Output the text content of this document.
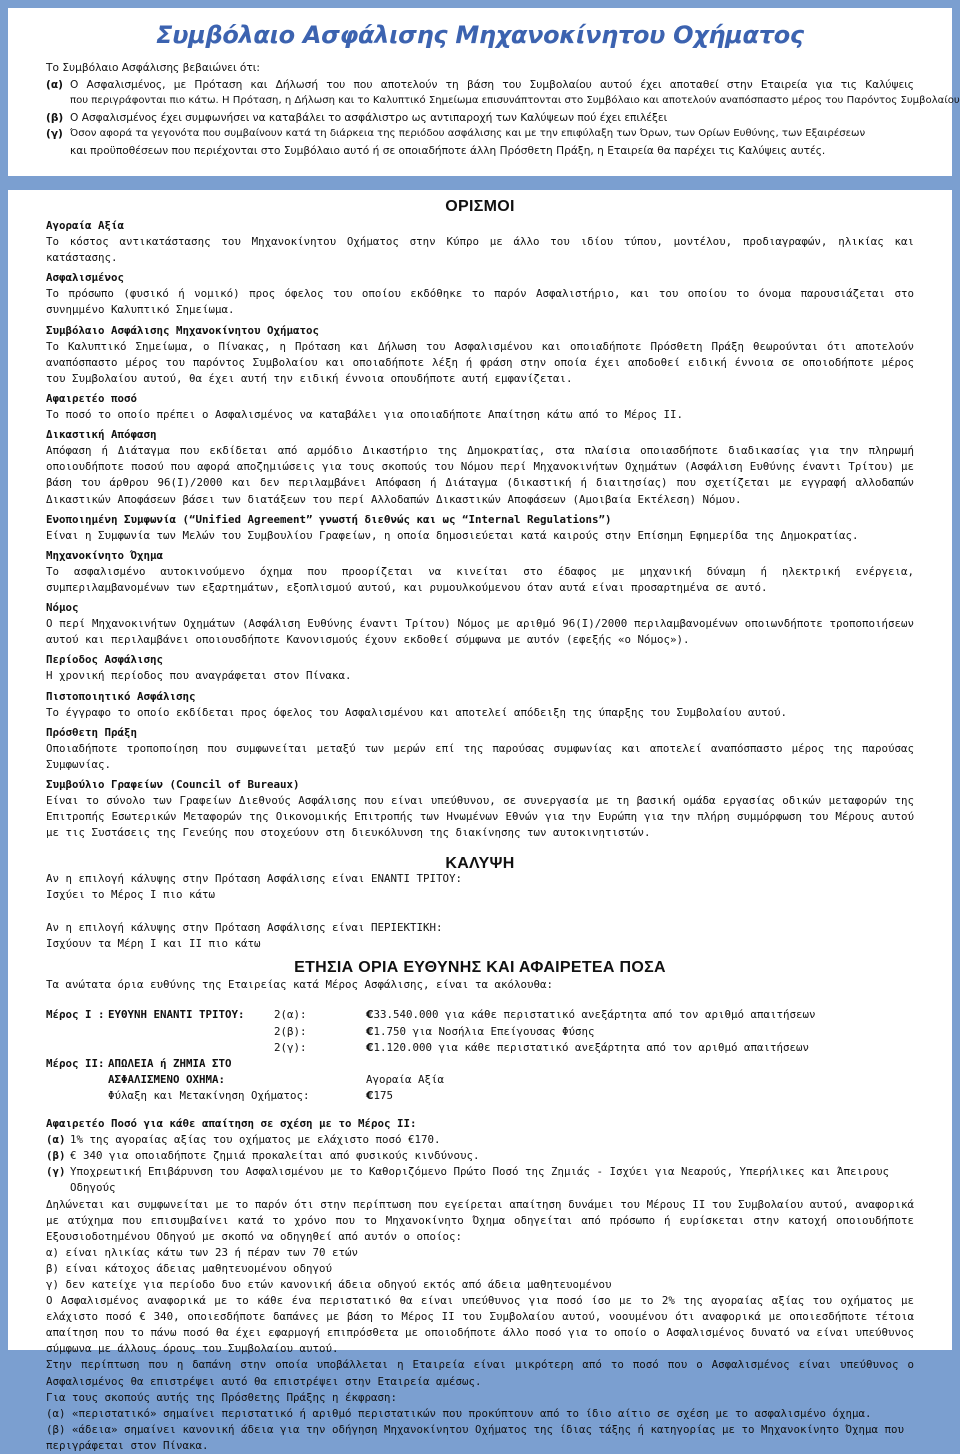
Συμβόλαιο Ασφάλισης Μηχανοκίνητου Οχήματος
Το Συμβόλαιο Ασφάλισης βεβαιώνει ότι:
(α) Ο Ασφαλισμένος, με Πρόταση και Δήλωσή του που αποτελούν τη βάση του Συμβολαίου αυτού έχει αποταθεί στην Εταιρεία για τις Καλύψεις
που περιγράφονται πιο κάτω. Η Πρόταση, η Δήλωση και το Καλυπτικό Σημείωμα επισυνάπτονται στο Συμβόλαιο και αποτελούν αναπόσπαστο μέρος του Παρόντος Συμβολαίου
(β) Ο Ασφαλισμένος έχει συμφωνήσει να καταβάλει το ασφάλιστρο ως αντιπαροχή των Καλύψεων πού έχει επιλέξει
(γ) Όσον αφορά τα γεγονότα που συμβαίνουν κατά τη διάρκεια της περιόδου ασφάλισης και με την επιφύλαξη των Όρων, των Ορίων Ευθύνης, των Εξαιρέσεων
και προϋποθέσεων που περιέχονται στο Συμβόλαιο αυτό ή σε οποιαδήποτε άλλη Πρόσθετη Πράξη, η Εταιρεία θα παρέχει τις Καλύψεις αυτές.
ΟΡΙΣΜΟΙ
Αγοραία Αξία
Το κόστος αντικατάστασης του Μηχανοκίνητου Οχήματος στην Κύπρο με άλλο του ιδίου τύπου, μοντέλου, προδιαγραφών, ηλικίας και κατάστασης.
Ασφαλισμένος
Το πρόσωπο (φυσικό ή νομικό) προς όφελος του οποίου εκδόθηκε το παρόν Ασφαλιστήριο, και του οποίου το όνομα παρουσιάζεται στο συνημμένο Καλυπτικό Σημείωμα.
Συμβόλαιο Ασφάλισης Μηχανοκίνητου Οχήματος
Το Καλυπτικό Σημείωμα, ο Πίνακας, η Πρόταση και Δήλωση του Ασφαλισμένου και οποιαδήποτε Πρόσθετη Πράξη θεωρούνται ότι αποτελούν αναπόσπαστο μέρος του παρόντος Συμβολαίου και οποιαδήποτε λέξη ή φράση στην οποία έχει αποδοθεί ειδική έννοια σε οποιοδήποτε μέρος του Συμβολαίου αυτού, θα έχει αυτή την ειδική έννοια οπουδήποτε αυτή εμφανίζεται.
Αφαιρετέο ποσό
Το ποσό το οποίο πρέπει ο Ασφαλισμένος να καταβάλει για οποιαδήποτε Απαίτηση κάτω από το Μέρος ΙΙ.
Δικαστική Απόφαση
Απόφαση ή Διάταγμα που εκδίδεται από αρμόδιο Δικαστήριο της Δημοκρατίας, στα πλαίσια οποιασδήποτε διαδικασίας για την πληρωμή οποιουδήποτε ποσού που αφορά αποζημιώσεις για τους σκοπούς του Νόμου περί Μηχανοκινήτων Οχημάτων (Ασφάλιση Ευθύνης έναντι Τρίτου) με βάση του άρθρου 96(Ι)/2000 και δεν περιλαμβάνει Απόφαση ή Διάταγμα (δικαστική ή διαιτησίας) που σχετίζεται με εγγραφή αλλοδαπών Δικαστικών Αποφάσεων βάσει των διατάξεων του περί Αλλοδαπών Δικαστικών Αποφάσεων (Αμοιβαία Εκτέλεση) Νόμου.
Ενοποιημένη Συμφωνία (“Unified Agreement” γνωστή διεθνώς και ως “Internal Regulations”)
Είναι η Συμφωνία των Μελών του Συμβουλίου Γραφείων, η οποία δημοσιεύεται κατά καιρούς στην Επίσημη Εφημερίδα της Δημοκρατίας.
Μηχανοκίνητο Όχημα
Το ασφαλισμένο αυτοκινούμενο όχημα που προορίζεται να κινείται στο έδαφος με μηχανική δύναμη ή ηλεκτρική ενέργεια, συμπεριλαμβανομένων των εξαρτημάτων, εξοπλισμού αυτού, και ρυμουλκούμενου όταν αυτά είναι προσαρτημένα σε αυτό.
Νόμος
Ο περί Μηχανοκινήτων Οχημάτων (Ασφάλιση Ευθύνης έναντι Τρίτου) Νόμος με αριθμό 96(Ι)/2000 περιλαμβανομένων οποιωνδήποτε τροποποιήσεων αυτού και περιλαμβάνει οποιουσδήποτε Κανονισμούς έχουν εκδοθεί σύμφωνα με αυτόν (εφεξής «ο Νόμος»).
Περίοδος Ασφάλισης
Η χρονική περίοδος που αναγράφεται στον Πίνακα.
Πιστοποιητικό Ασφάλισης
Το έγγραφο το οποίο εκδίδεται προς όφελος του Ασφαλισμένου και αποτελεί απόδειξη της ύπαρξης του Συμβολαίου αυτού.
Πρόσθετη Πράξη
Οποιαδήποτε τροποποίηση που συμφωνείται μεταξύ των μερών επί της παρούσας συμφωνίας και αποτελεί αναπόσπαστο μέρος της παρούσας Συμφωνίας.
Συμβούλιο Γραφείων (Council of Bureaux)
Είναι το σύνολο των Γραφείων Διεθνούς Ασφάλισης που είναι υπεύθυνου, σε συνεργασία με τη βασική ομάδα εργασίας οδικών μεταφορών της Επιτροπής Εσωτερικών Μεταφορών της Οικονομικής Επιτροπής των Ηνωμένων Εθνών για την Ευρώπη για την πλήρη συμμόρφωση του Μέρους αυτού με τις Συστάσεις της Γενεύης που στοχεύουν στη διευκόλυνση της διακίνησης των αυτοκινητιστών.
ΚΑΛΥΨΗ
Αν η επιλογή κάλυψης στην Πρόταση Ασφάλισης είναι ΕΝΑΝΤΙ ΤΡΙΤΟΥ:
Ισχύει το Μέρος Ι πιο κάτω
Αν η επιλογή κάλυψης στην Πρόταση Ασφάλισης είναι ΠΕΡΙΕΚΤΙΚΗ:
Ισχύουν τα Μέρη Ι και ΙΙ πιο κάτω
ΕΤΗΣΙΑ ΟΡΙΑ ΕΥΘΥΝΗΣ ΚΑΙ ΑΦΑΙΡΕΤΕΑ ΠΟΣΑ
Τα ανώτατα όρια ευθύνης της Εταιρείας κατά Μέρος Ασφάλισης, είναι τα ακόλουθα:
Μέρος Ι : ΕΥΘΥΝΗ ΕΝΑΝΤΙ ΤΡΙΤΟΥ:	2(α):	€33.540.000 για κάθε περιστατικό ανεξάρτητα από τον αριθμό απαιτήσεων
2(β):	€1.750 για Νοσήλια Επείγουσας Φύσης
2(γ):	€1.120.000 για κάθε περιστατικό ανεξάρτητα από τον αριθμό απαιτήσεων
Μέρος ΙΙ: ΑΠΩΛΕΙΑ ή ΖΗΜΙΑ ΣΤΟ
ΑΣΦΑΛΙΣΜΕΝΟ ΟΧΗΜΑ:	Αγοραία Αξία
Φύλαξη και Μετακίνηση Οχήματος:	€175
Αφαιρετέο Ποσό για κάθε απαίτηση σε σχέση με το Μέρος ΙΙ:
(α) 1% της αγοραίας αξίας του οχήματος με ελάχιστο ποσό €170.
(β) € 340 για οποιαδήποτε ζημιά προκαλείται από φυσικούς κινδύνους.
(γ) Υποχρεωτική Επιβάρυνση του Ασφαλισμένου με το Καθοριζόμενο Πρώτο Ποσό της Ζημιάς - Ισχύει για Νεαρούς, Υπερήλικες και Άπειρους Οδηγούς
Δηλώνεται και συμφωνείται με το παρόν ότι στην περίπτωση που εγείρεται απαίτηση δυνάμει του Μέρους ΙΙ του Συμβολαίου αυτού, αναφορικά με ατύχημα που επισυμβαίνει κατά το χρόνο που το Μηχανοκίνητο Όχημα οδηγείται από πρόσωπο ή ευρίσκεται στην κατοχή οποιουδήποτε Εξουσιοδοτημένου Οδηγού με σκοπό να οδηγηθεί από αυτόν ο οποίος:
α) είναι ηλικίας κάτω των 23 ή πέραν των 70 ετών
β) είναι κάτοχος άδειας μαθητευομένου οδηγού
γ) δεν κατείχε για περίοδο δυο ετών κανονική άδεια οδηγού εκτός από άδεια μαθητευομένου
Ο Ασφαλισμένος αναφορικά με το κάθε ένα περιστατικό θα είναι υπεύθυνος για ποσό ίσο με το 2% της αγοραίας αξίας του οχήματος με ελάχιστο ποσό € 340, οποιεσδήποτε δαπάνες με βάση το Μέρος ΙΙ του Συμβολαίου αυτού, νοουμένου ότι αναφορικά με οποιεσδήποτε τέτοια απαίτηση που το πάνω ποσό θα έχει εφαρμογή επιπρόσθετα με οποιοδήποτε άλλο ποσό για το οποίο ο Ασφαλισμένος δυνατό να είναι υπεύθυνος σύμφωνα με άλλους όρους του Συμβολαίου αυτού.
Στην περίπτωση που η δαπάνη στην οποία υποβάλλεται η Εταιρεία είναι μικρότερη από το ποσό που ο Ασφαλισμένος είναι υπεύθυνος ο Ασφαλισμένος θα επιστρέψει αυτό θα επιστρέψει στην Εταιρεία αμέσως.
Για τους σκοπούς αυτής της Πρόσθετης Πράξης η έκφραση:
(α) «περιστατικό» σημαίνει περιστατικό ή αριθμό περιστατικών που προκύπτουν από το ίδιο αίτιο σε σχέση με το ασφαλισμένο όχημα.
(β) «άδεια» σημαίνει κανονική άδεια για την οδήγηση Μηχανοκίνητου Οχήματος της ίδιας τάξης ή κατηγορίας με το Μηχανοκίνητο Όχημα που περιγράφεται στον Πίνακα.
